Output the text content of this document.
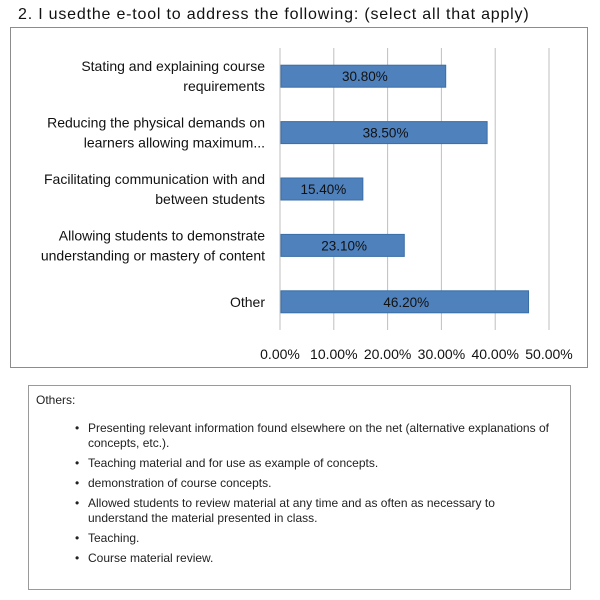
2. I usedthe e-tool to address the following: (select all that apply)
0.00% 10.00% 20.00% 30.00% 40.00% 50.00%
30.80%
Stating and explaining course requirements
38.50%
Reducing the physical demands on learners allowing maximum...
15.40%
Facilitating communication with and between students
23.10%
Allowing students to demonstrate understanding or mastery of content
46.20%
Other
Others:
• Presenting relevant information found elsewhere on the net (alternative explanations of concepts, etc.).
• Teaching material and for use as example of concepts.
• demonstration of course concepts.
• Allowed students to review material at any time and as often as necessary to understand the material presented in class.
• Teaching.
• Course material review.
